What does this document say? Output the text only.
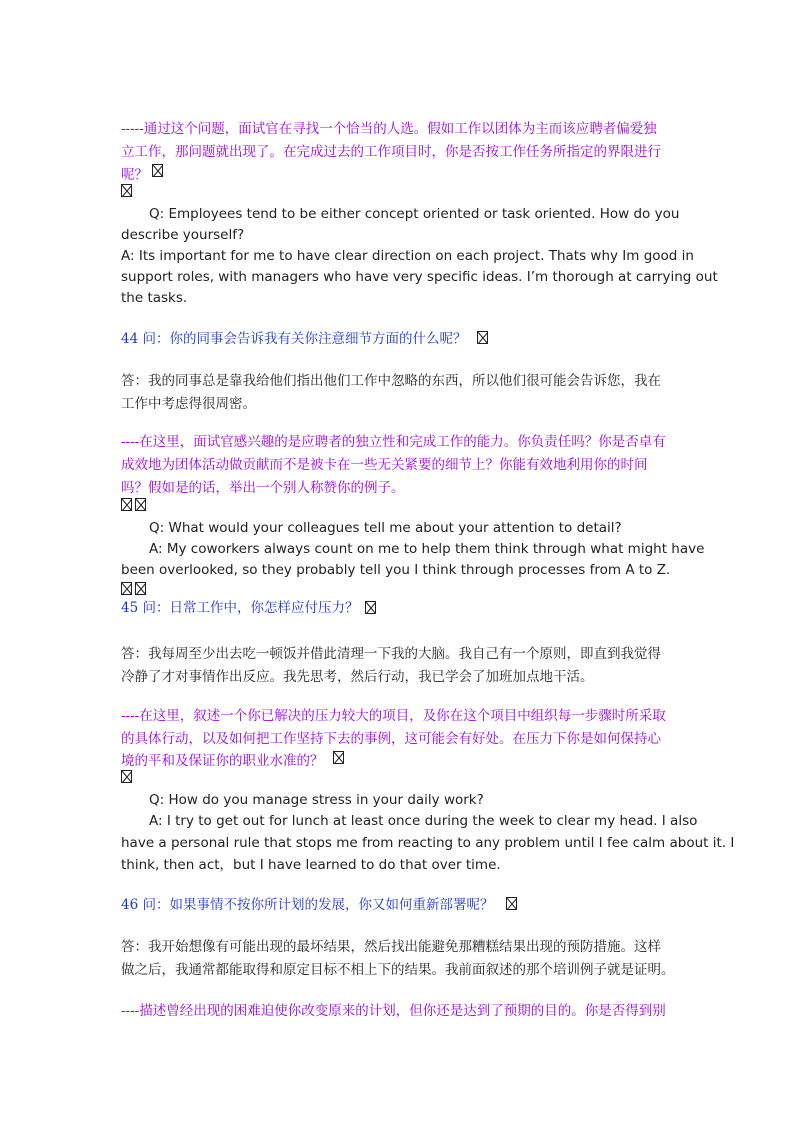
-----通过这个问题，面试官在寻找一个恰当的人选。假如工作以团体为主而该应聘者偏爱独
立工作，那问题就出现了。在完成过去的工作项目时，你是否按工作任务所指定的界限进行
呢？
Q: Employees tend to be either concept oriented or task oriented. How do you
describe yourself?
A: Its important for me to have clear direction on each project. Thats why Im good in
support roles, with managers who have very specific ideas. I’m thorough at carrying out
the tasks.
44 问：你的同事会告诉我有关你注意细节方面的什么呢？
答：我的同事总是靠我给他们指出他们工作中忽略的东西，所以他们很可能会告诉您，我在
工作中考虑得很周密。
----在这里，面试官感兴趣的是应聘者的独立性和完成工作的能力。你负责任吗？你是否卓有
成效地为团体活动做贡献而不是被卡在一些无关紧要的细节上？你能有效地利用你的时间
吗？假如是的话，举出一个别人称赞你的例子。
Q: What would your colleagues tell me about your attention to detail?
A: My coworkers always count on me to help them think through what might have
been overlooked, so they probably tell you I think through processes from A to Z.
45 问：日常工作中，你怎样应付压力？
答：我每周至少出去吃一顿饭并借此清理一下我的大脑。我自己有一个原则，即直到我觉得
冷静了才对事情作出反应。我先思考，然后行动，我已学会了加班加点地干活。
----在这里，叙述一个你已解决的压力较大的项目，及你在这个项目中组织每一步骤时所采取
的具体行动，以及如何把工作坚持下去的事例，这可能会有好处。在压力下你是如何保持心
境的平和及保证你的职业水准的？
Q: How do you manage stress in your daily work?
A: I try to get out for lunch at least once during the week to clear my head. I also
have a personal rule that stops me from reacting to any problem until I fee calm about it. I
think, then act，but I have learned to do that over time.
46 问：如果事情不按你所计划的发展，你又如何重新部署呢？
答：我开始想像有可能出现的最坏结果，然后找出能避免那糟糕结果出现的预防措施。这样
做之后，我通常都能取得和原定目标不相上下的结果。我前面叙述的那个培训例子就是证明。
----描述曾经出现的困难迫使你改变原来的计划，但你还是达到了预期的目的。你是否得到别
